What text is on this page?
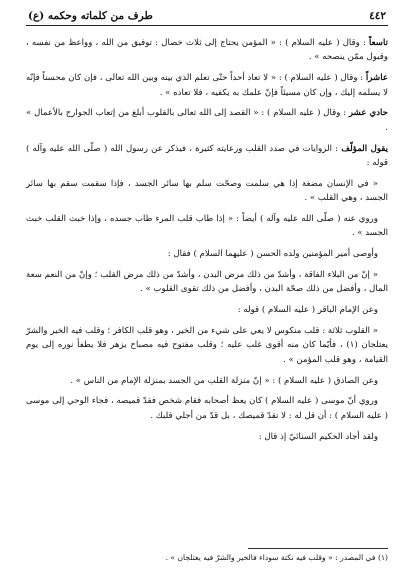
٤٤٢
طرف من كلماته وحكمه (ع)

تاسعاً : وقال ( عليه السلام ) : « المؤمن يحتاج إلى ثلاث خصال : توفيق من الله ، وواعظ من نفسه ، وقبول ممّن ينصحه » .

عاشراً : وقال ( عليه السلام ) : « لا تعاد أحداً حتّى تعلم الذي بينه وبين الله تعالى ، فإن كان محسناً فإنّه لا يسلمه إليك ، وإن كان مسيئاً فإنّ علمك به يكفيه ، فلا تعاده » .

حادي عشر : وقال ( عليه السلام ) : « القصد إلى الله تعالى بالقلوب أبلغ من إتعاب الجوارح بالأعمال » .

يقول المؤلّف : الروايات في صدد القلب ورعايته كثيرة ، فيذكر عن رسول الله ( صلّى الله عليه وآله ) قوله :

« في الإنسان مضغة إذا هي سلمت وصحّت سلم بها سائر الجسد ، فإذا سقمت سقم بها سائر الجسد ، وهي القلب » .

وروي عنه ( صلّى الله عليه وآله ) أيضاً : « إذا طاب قلب المرء طاب جسده ، وإذا خبث القلب خبث الجسد » .

وأوصى أمير المؤمنين ولده الحسن ( عليهما السلام ) فقال :

« إنّ من البلاء الفاقة ، وأشدّ من ذلك مرض البدن ، وأشدّ من ذلك مرض القلب ؛ وإنّ من النعم سعة المال ، وأفضل من ذلك صحّة البدن ، وأفضل من ذلك تقوى القلوب » .

وعن الإمام الباقر ( عليه السلام ) قوله :

« القلوب ثلاثة : قلب منكوس لا يعي على شيء من الخير ، وهو قلب الكافر ؛ وقلب فيه الخير والشرّ يعتلجان (١) ، فأيّما كان منه أقوى غلب عليه ؛ وقلب مفتوح فيه مصباح يزهر فلا يطفأ نوره إلى يوم القيامة ، وهو قلب المؤمن » .

وعن الصادق ( عليه السلام ) : « إنّ منزلة القلب من الجسد بمنزلة الإمام من الناس » .

وروي أنّ موسى ( عليه السلام ) كان يعظ أصحابه فقام شخص فقدّ قميصه ، فجاء الوحي إلى موسى ( عليه السلام ) : أن قل له : لا تقدّ قميصك ، بل قدّ من أجلي قلبك .

ولقد أجاد الحكيم السنائيّ إذ قال :

(١) في المصدر : « وقلب فيه نكتة سوداء فالخير والشرّ فيه يعتلجان » .
